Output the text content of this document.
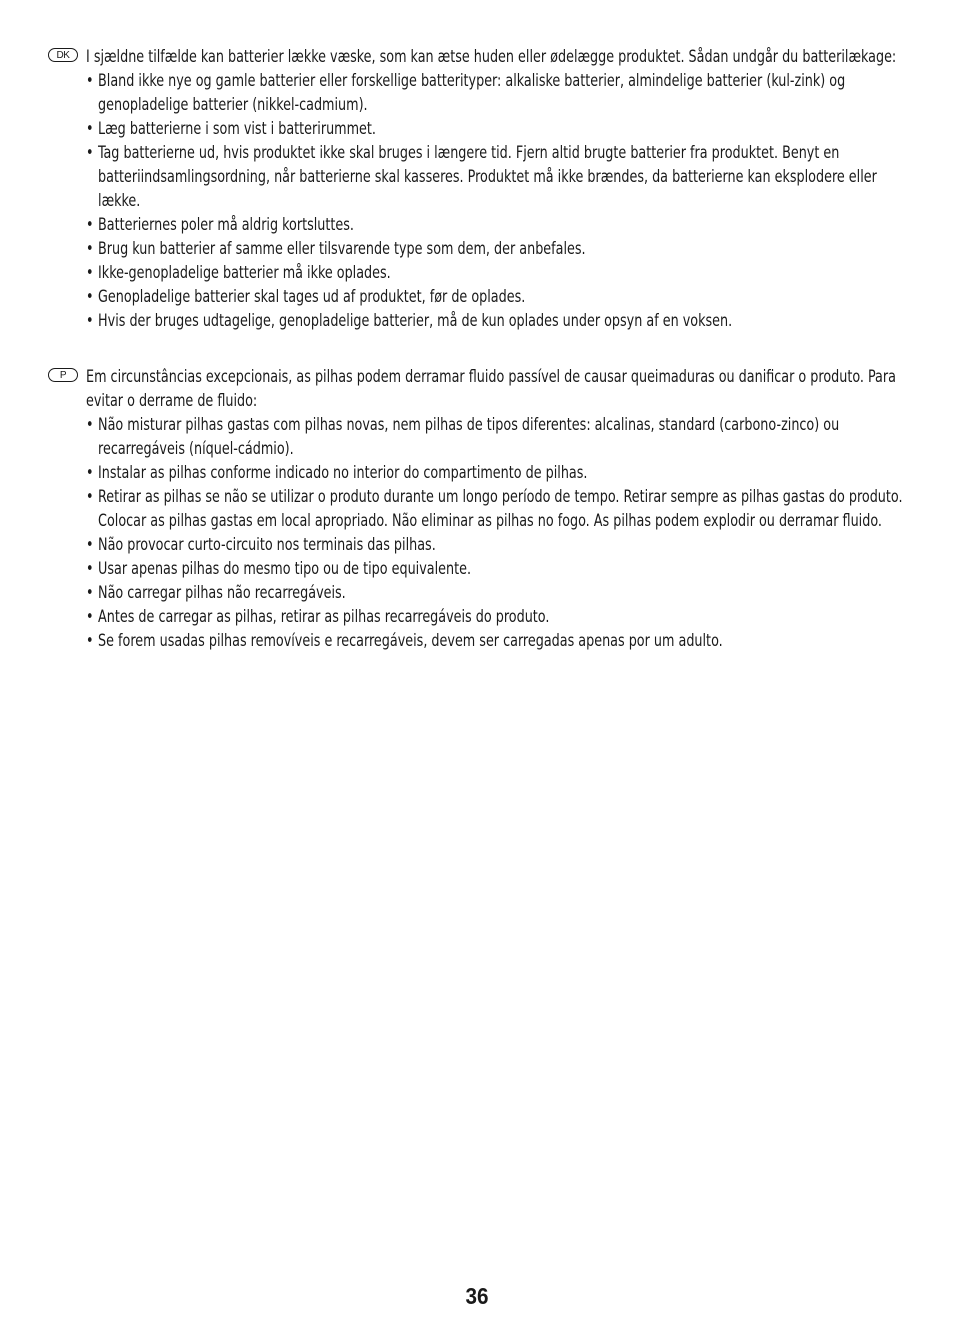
DK	I sjældne tilfælde kan batterier lække væske, som kan ætse huden eller ødelægge produktet. Sådan undgår du batterilækage:

• Bland ikke nye og gamle batterier eller forskellige batterityper: alkaliske batterier, almindelige batterier (kul-zink) og genopladelige batterier (nikkel-cadmium).
• Læg batterierne i som vist i batterirummet.
• Tag batterierne ud, hvis produktet ikke skal bruges i længere tid. Fjern altid brugte batterier fra produktet. Benyt en batteriindsamlingsordning, når batterierne skal kasseres. Produktet må ikke brændes, da batterierne kan eksplodere eller lække.
• Batteriernes poler må aldrig kortsluttes.
• Brug kun batterier af samme eller tilsvarende type som dem, der anbefales.
• Ikke-genopladelige batterier må ikke oplades.
• Genopladelige batterier skal tages ud af produktet, før de oplades.
• Hvis der bruges udtagelige, genopladelige batterier, må de kun oplades under opsyn af en voksen.
P	Em circunstâncias excepcionais, as pilhas podem derramar fluido passível de causar queimaduras ou danificar o produto. Para evitar o derrame de fluido:

• Não misturar pilhas gastas com pilhas novas, nem pilhas de tipos diferentes: alcalinas, standard (carbono-zinco) ou recarregáveis (níquel-cádmio).
• Instalar as pilhas conforme indicado no interior do compartimento de pilhas.
• Retirar as pilhas se não se utilizar o produto durante um longo período de tempo. Retirar sempre as pilhas gastas do produto. Colocar as pilhas gastas em local apropriado. Não eliminar as pilhas no fogo. As pilhas podem explodir ou derramar fluido.
• Não provocar curto-circuito nos terminais das pilhas.
• Usar apenas pilhas do mesmo tipo ou de tipo equivalente.
• Não carregar pilhas não recarregáveis.
• Antes de carregar as pilhas, retirar as pilhas recarregáveis do produto.
• Se forem usadas pilhas removíveis e recarregáveis, devem ser carregadas apenas por um adulto.
36
